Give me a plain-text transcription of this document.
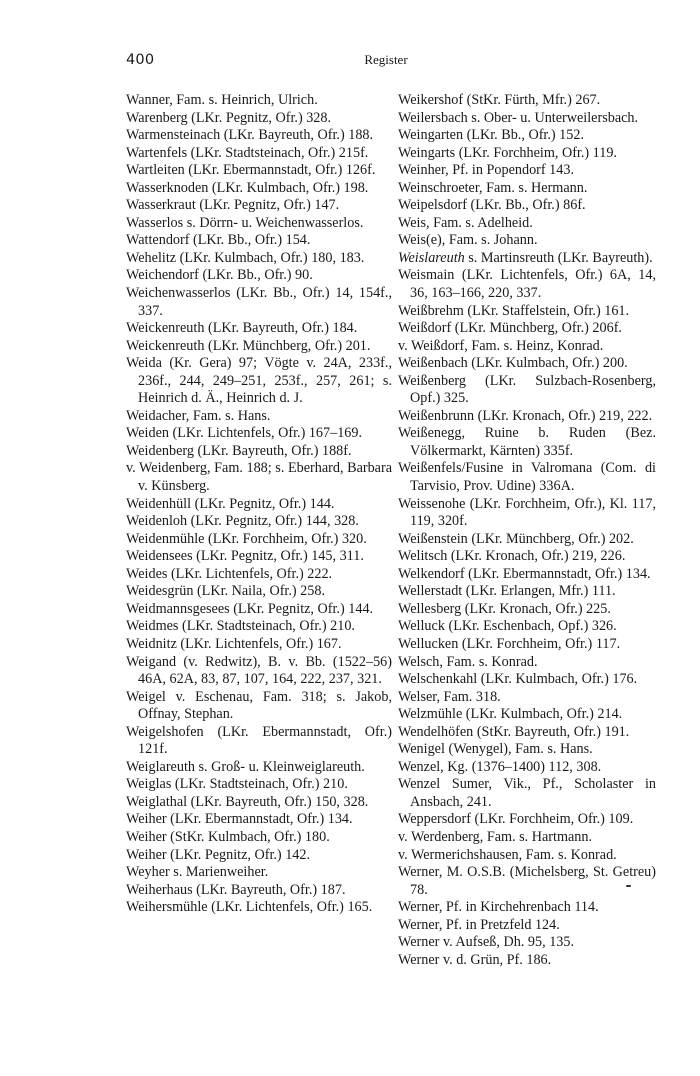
400	Register

Wanner, Fam. s. Heinrich, Ulrich.

Warenberg (LKr. Pegnitz, Ofr.) 328.

Warmensteinach (LKr. Bayreuth, Ofr.) 188.

Wartenfels (LKr. Stadtsteinach, Ofr.) 215f.

Wartleiten (LKr. Ebermannstadt, Ofr.) 126f.

Wasserknoden (LKr. Kulmbach, Ofr.) 198.

Wasserkraut (LKr. Pegnitz, Ofr.) 147.

Wasserlos s. Dörrn- u. Weichenwasserlos.

Wattendorf (LKr. Bb., Ofr.) 154.

Wehelitz (LKr. Kulmbach, Ofr.) 180, 183.

Weichendorf (LKr. Bb., Ofr.) 90.

Weichenwasserlos (LKr. Bb., Ofr.) 14, 154f., 337.

Weickenreuth (LKr. Bayreuth, Ofr.) 184.

Weickenreuth (LKr. Münchberg, Ofr.) 201.

Weida (Kr. Gera) 97; Vögte v. 24A, 233f., 236f., 244, 249–251, 253f., 257, 261; s. Heinrich d. Ä., Heinrich d. J.

Weidacher, Fam. s. Hans.

Weiden (LKr. Lichtenfels, Ofr.) 167–169.

Weidenberg (LKr. Bayreuth, Ofr.) 188f.

v. Weidenberg, Fam. 188; s. Eberhard, Barbara v. Künsberg.

Weidenhüll (LKr. Pegnitz, Ofr.) 144.

Weidenloh (LKr. Pegnitz, Ofr.) 144, 328.

Weidenmühle (LKr. Forchheim, Ofr.) 320.

Weidensees (LKr. Pegnitz, Ofr.) 145, 311.

Weides (LKr. Lichtenfels, Ofr.) 222.

Weidesgrün (LKr. Naila, Ofr.) 258.

Weidmannsgesees (LKr. Pegnitz, Ofr.) 144.

Weidmes (LKr. Stadtsteinach, Ofr.) 210.

Weidnitz (LKr. Lichtenfels, Ofr.) 167.

Weigand (v. Redwitz), B. v. Bb. (1522–56) 46A, 62A, 83, 87, 107, 164, 222, 237, 321.

Weigel v. Eschenau, Fam. 318; s. Jakob, Offnay, Stephan.

Weigelshofen (LKr. Ebermannstadt, Ofr.) 121f.

Weiglareuth s. Groß- u. Kleinweiglareuth.

Weiglas (LKr. Stadtsteinach, Ofr.) 210.

Weiglathal (LKr. Bayreuth, Ofr.) 150, 328.

Weiher (LKr. Ebermannstadt, Ofr.) 134.

Weiher (StKr. Kulmbach, Ofr.) 180.

Weiher (LKr. Pegnitz, Ofr.) 142.

Weyher s. Marienweiher.

Weiherhaus (LKr. Bayreuth, Ofr.) 187.

Weihersmühle (LKr. Lichtenfels, Ofr.) 165.

Weikershof (StKr. Fürth, Mfr.) 267.

Weilersbach s. Ober- u. Unterweilersbach.

Weingarten (LKr. Bb., Ofr.) 152.

Weingarts (LKr. Forchheim, Ofr.) 119.

Weinher, Pf. in Popendorf 143.

Weinschroeter, Fam. s. Hermann.

Weipelsdorf (LKr. Bb., Ofr.) 86f.

Weis, Fam. s. Adelheid.

Weis(e), Fam. s. Johann.

Weislareuth s. Martinsreuth (LKr. Bayreuth).

Weismain (LKr. Lichtenfels, Ofr.) 6A, 14, 36, 163–166, 220, 337.

Weißbrehm (LKr. Staffelstein, Ofr.) 161.

Weißdorf (LKr. Münchberg, Ofr.) 206f.

v. Weißdorf, Fam. s. Heinz, Konrad.

Weißenbach (LKr. Kulmbach, Ofr.) 200.

Weißenberg (LKr. Sulzbach-Rosenberg, Opf.) 325.

Weißenbrunn (LKr. Kronach, Ofr.) 219, 222.

Weißenegg, Ruine b. Ruden (Bez. Völkermarkt, Kärnten) 335f.

Weißenfels/Fusine in Valromana (Com. di Tarvisio, Prov. Udine) 336A.

Weissenohe (LKr. Forchheim, Ofr.), Kl. 117, 119, 320f.

Weißenstein (LKr. Münchberg, Ofr.) 202.

Welitsch (LKr. Kronach, Ofr.) 219, 226.

Welkendorf (LKr. Ebermannstadt, Ofr.) 134.

Wellerstadt (LKr. Erlangen, Mfr.) 111.

Wellesberg (LKr. Kronach, Ofr.) 225.

Welluck (LKr. Eschenbach, Opf.) 326.

Wellucken (LKr. Forchheim, Ofr.) 117.

Welsch, Fam. s. Konrad.

Welschenkahl (LKr. Kulmbach, Ofr.) 176.

Welser, Fam. 318.

Welzmühle (LKr. Kulmbach, Ofr.) 214.

Wendelhöfen (StKr. Bayreuth, Ofr.) 191.

Wenigel (Wenygel), Fam. s. Hans.

Wenzel, Kg. (1376–1400) 112, 308.

Wenzel Sumer, Vik., Pf., Scholaster in Ansbach, 241.

Weppersdorf (LKr. Forchheim, Ofr.) 109.

v. Werdenberg, Fam. s. Hartmann.

v. Wermerichshausen, Fam. s. Konrad.

Werner, M. O.S.B. (Michelsberg, St. Getreu) 78.

Werner, Pf. in Kirchehrenbach 114.

Werner, Pf. in Pretzfeld 124.

Werner v. Aufseß, Dh. 95, 135.

Werner v. d. Grün, Pf. 186.
